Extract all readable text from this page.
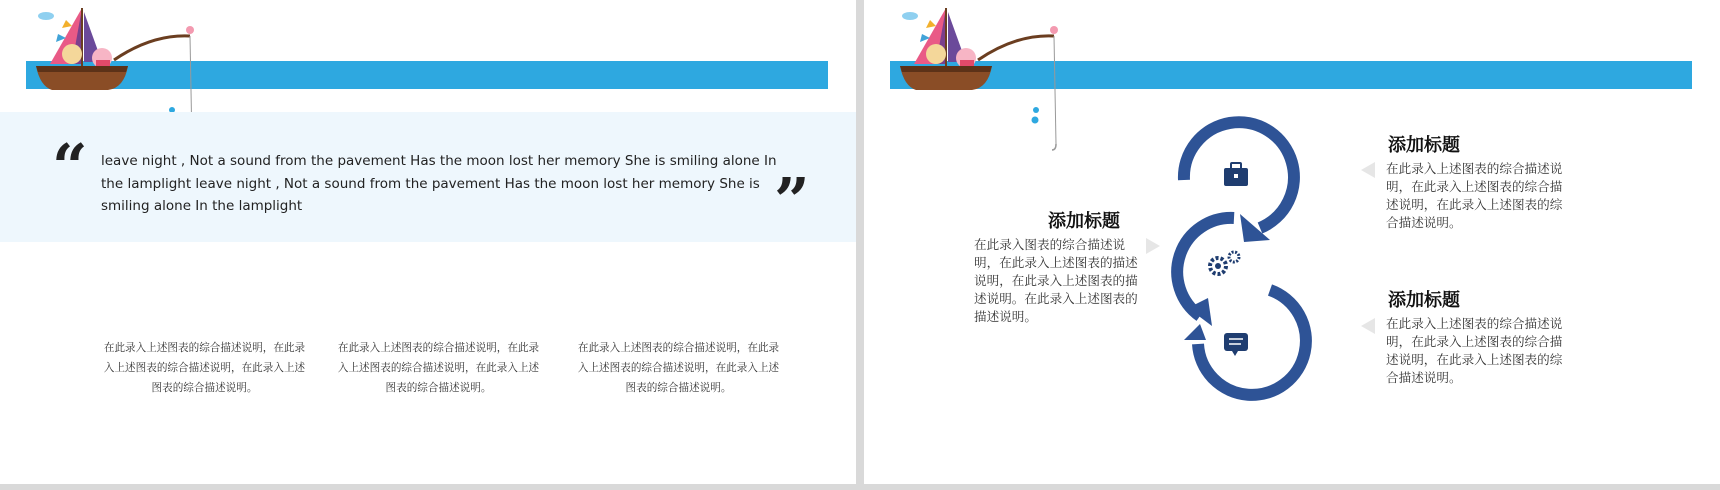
“ leave night , Not a sound from the pavement Has the moon lost her memory She is smiling alone In the lamplight leave night , Not a sound from the pavement Has the moon lost her memory She is smiling alone In the lamplight	”
在此录入上述图表的综合描述说明，在此录入上述图表的综合描述说明，在此录入上述图表的综合描述说明。
在此录入上述图表的综合描述说明，在此录入上述图表的综合描述说明，在此录入上述图表的综合描述说明。
在此录入上述图表的综合描述说明，在此录入上述图表的综合描述说明，在此录入上述图表的综合描述说明。
添加标题
在此录入图表的综合描述说明，在此录入上述图表的描述说明，在此录入上述图表的描述说明。在此录入上述图表的描述说明。
添加标题
在此录入上述图表的综合描述说明，在此录入上述图表的综合描述说明，在此录入上述图表的综合描述说明。
添加标题
在此录入上述图表的综合描述说明，在此录入上述图表的综合描述说明，在此录入上述图表的综合描述说明。
